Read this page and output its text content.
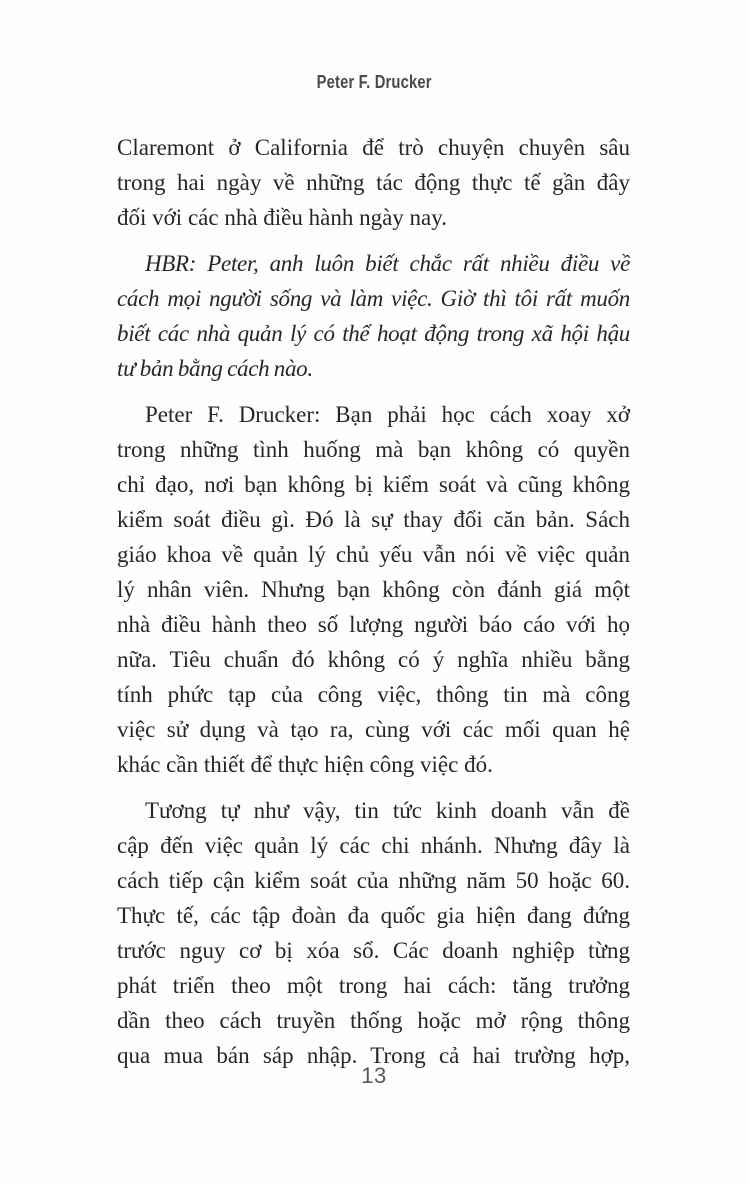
Peter F. Drucker
Claremont ở California để trò chuyện chuyên sâu
trong hai ngày về những tác động thực tế gần đây
đối với các nhà điều hành ngày nay.
HBR: Peter, anh luôn biết chắc rất nhiều điều về
cách mọi người sống và làm việc. Giờ thì tôi rất muốn
biết các nhà quản lý có thể hoạt động trong xã hội hậu
tư bản bằng cách nào.
Peter F. Drucker: Bạn phải học cách xoay xở
trong những tình huống mà bạn không có quyền
chỉ đạo, nơi bạn không bị kiểm soát và cũng không
kiểm soát điều gì. Đó là sự thay đổi căn bản. Sách
giáo khoa về quản lý chủ yếu vẫn nói về việc quản
lý nhân viên. Nhưng bạn không còn đánh giá một
nhà điều hành theo số lượng người báo cáo với họ
nữa. Tiêu chuẩn đó không có ý nghĩa nhiều bằng
tính phức tạp của công việc, thông tin mà công
việc sử dụng và tạo ra, cùng với các mối quan hệ
khác cần thiết để thực hiện công việc đó.
Tương tự như vậy, tin tức kinh doanh vẫn đề
cập đến việc quản lý các chi nhánh. Nhưng đây là
cách tiếp cận kiểm soát của những năm 50 hoặc 60.
Thực tế, các tập đoàn đa quốc gia hiện đang đứng
trước nguy cơ bị xóa sổ. Các doanh nghiệp từng
phát triển theo một trong hai cách: tăng trưởng
dần theo cách truyền thống hoặc mở rộng thông
qua mua bán sáp nhập. Trong cả hai trường hợp,
13
